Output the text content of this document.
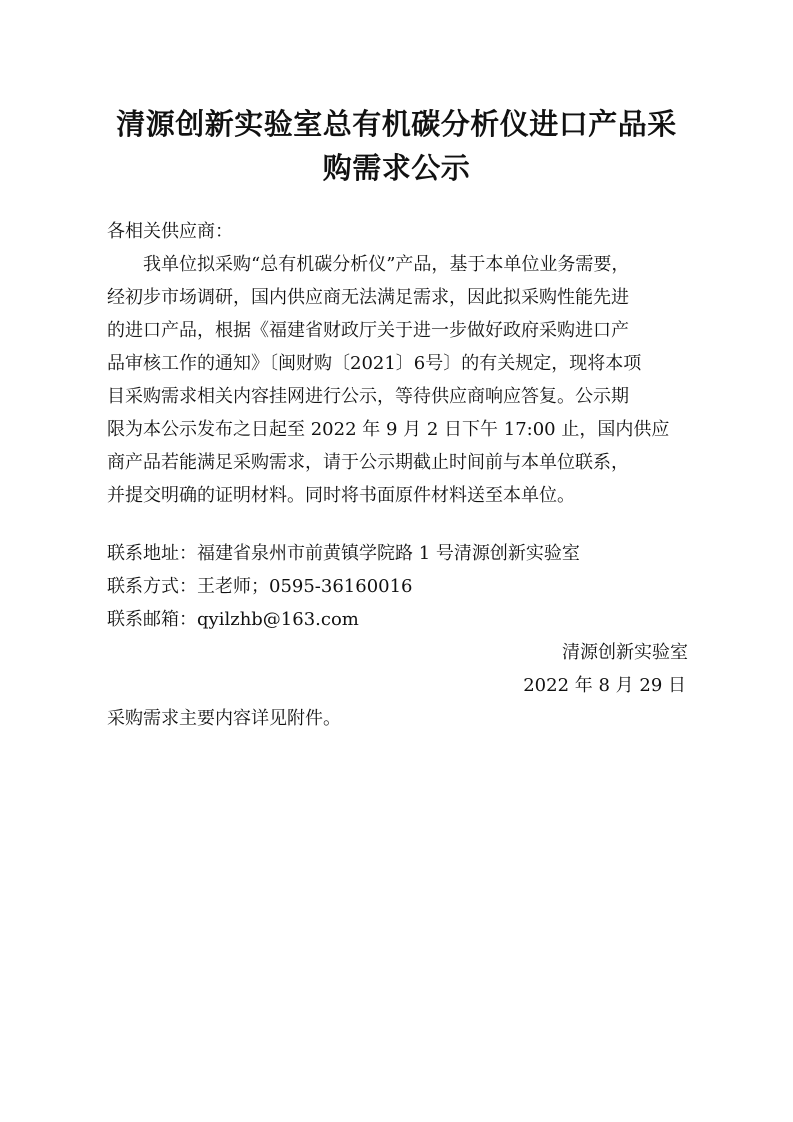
清源创新实验室总有机碳分析仪进口产品采
购需求公示

各相关供应商：

　　我单位拟采购“总有机碳分析仪”产品，基于本单位业务需要，

经初步市场调研，国内供应商无法满足需求，因此拟采购性能先进

的进口产品，根据《福建省财政厅关于进一步做好政府采购进口产

品审核工作的通知》〔闽财购〔2021〕6号〕的有关规定，现将本项

目采购需求相关内容挂网进行公示，等待供应商响应答复。公示期

限为本公示发布之日起至 2022 年 9 月 2 日下午 17:00 止，国内供应

商产品若能满足采购需求，请于公示期截止时间前与本单位联系，

并提交明确的证明材料。同时将书面原件材料送至本单位。

联系地址：福建省泉州市前黄镇学院路 1 号清源创新实验室

联系方式：王老师；0595-36160016

联系邮箱：qyilzhb@163.com

清源创新实验室

2022 年 8 月 29 日

采购需求主要内容详见附件。
